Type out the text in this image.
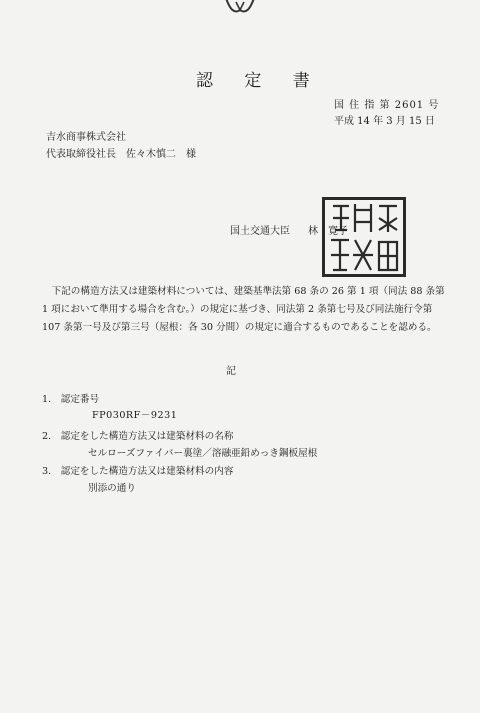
認 定 書
国 住 指 第 2601 号
平成 14 年 3 月 15 日
吉水商事株式会社
代表取締役社長　佐々木慎二　様
国土交通大臣 林　寛子

　下記の構造方法又は建築材料については、建築基準法第 68 条の 26 第 1 項（同法 88 条第

1 項において準用する場合を含む。）の規定に基づき、同法第 2 条第七号及び同法施行令第

107 条第一号及び第三号（屋根：各 30 分間）の規定に適合するものであることを認める。

記
1.　認定番号
FP030RF－9231
2.　認定をした構造方法又は建築材料の名称
セルローズファイバー裏塗／溶融亜鉛めっき鋼板屋根
3.　認定をした構造方法又は建築材料の内容
別添の通り
